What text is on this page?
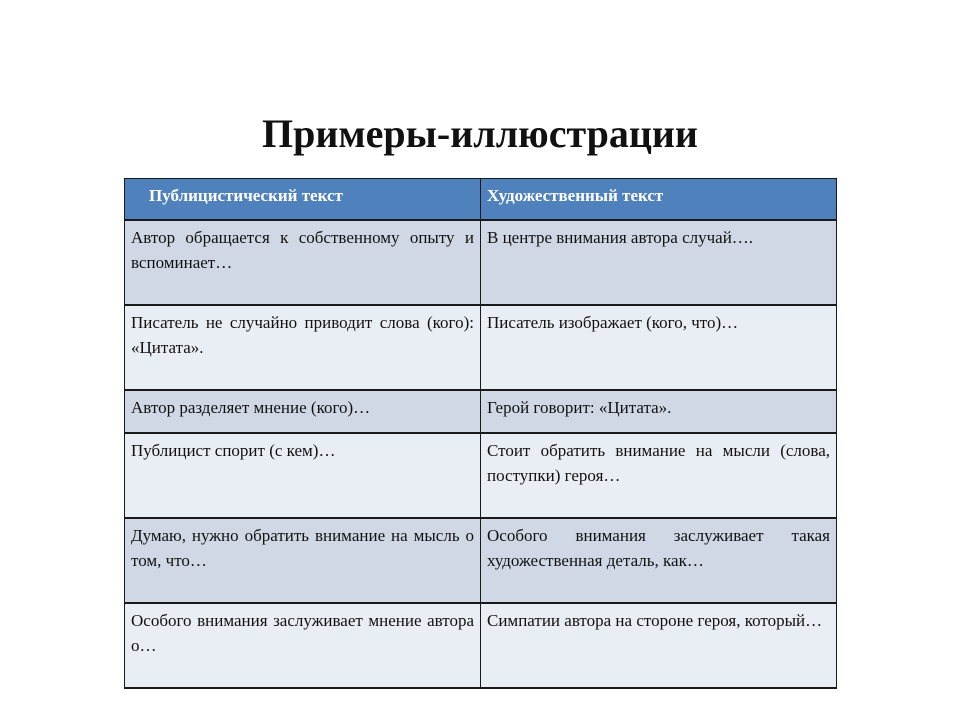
Примеры-иллюстрации
Публицистический текст	Художественный текст
Автор обращается к собственному опыту и вспоминает…	В центре внимания автора случай….
Писатель не случайно приводит слова (кого): «Цитата».	Писатель изображает (кого, что)…
Автор разделяет мнение (кого)…	Герой говорит: «Цитата».
Публицист спорит (с кем)…	Стоит обратить внимание на мысли (слова, поступки) героя…
Думаю, нужно обратить внимание на мысль о том, что…	Особого внимания заслуживает такая художественная деталь, как…
Особого внимания заслуживает мнение автора о…	Симпатии автора на стороне героя, который…
